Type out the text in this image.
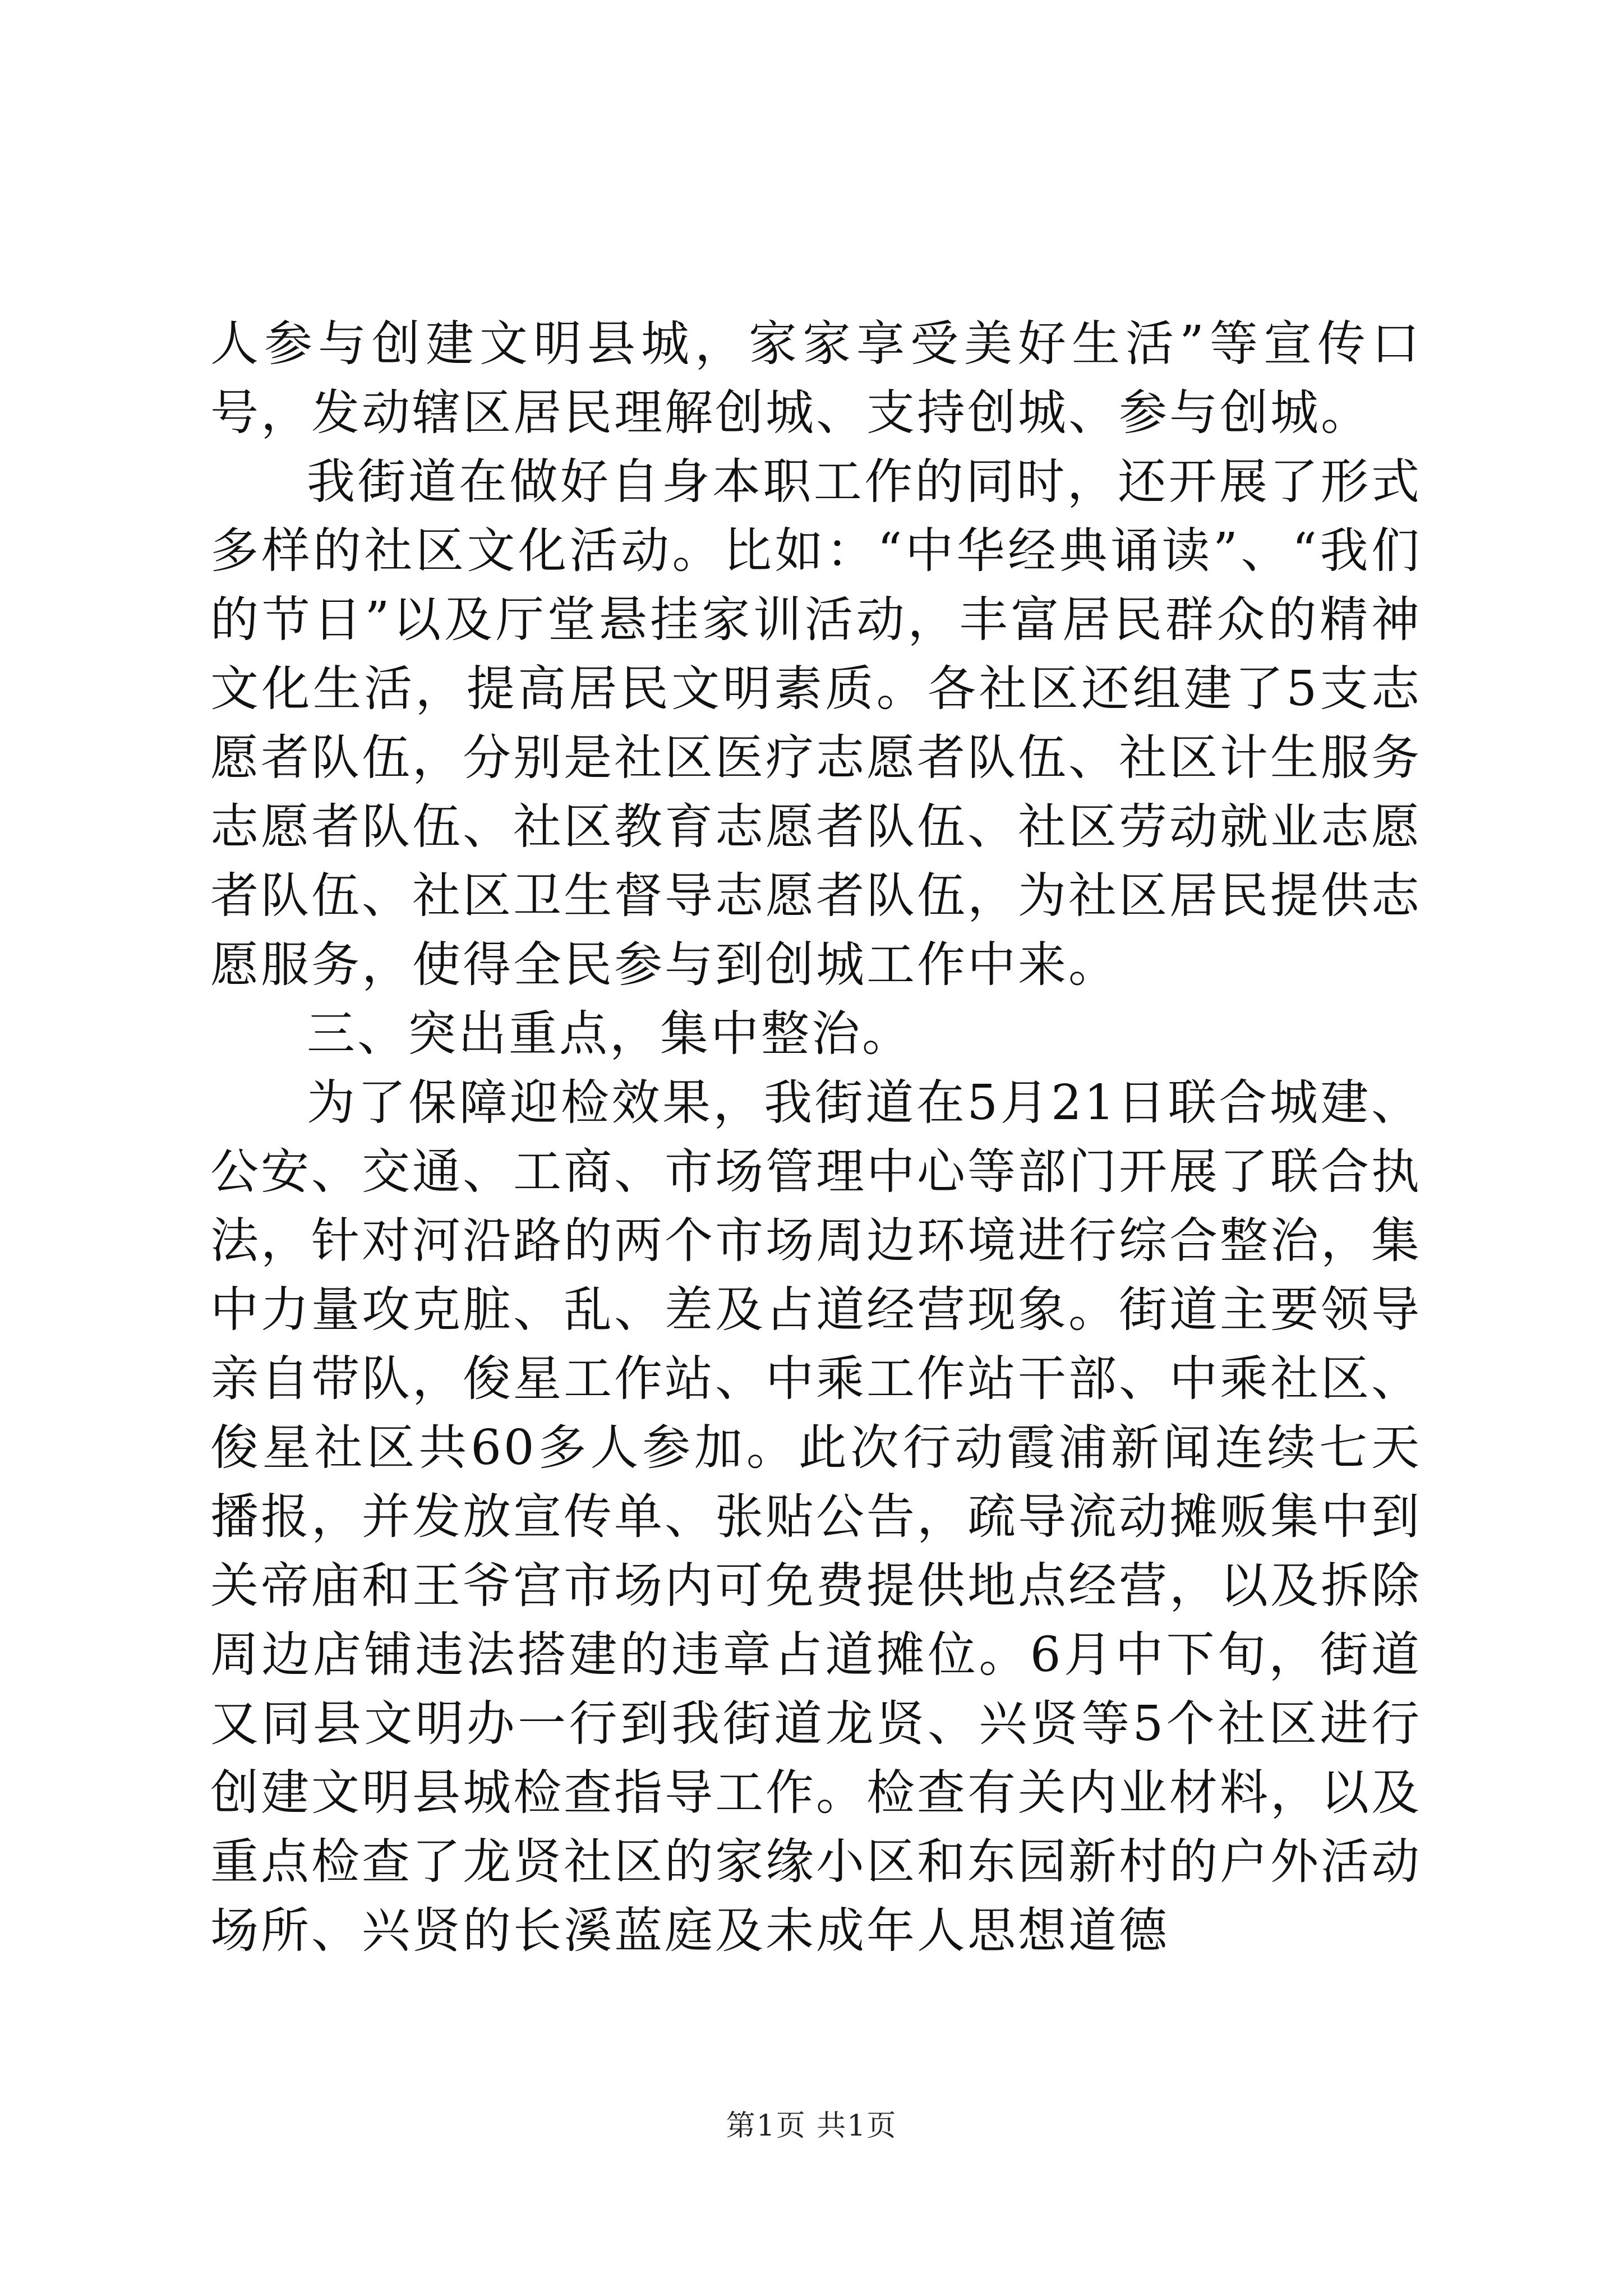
人参与创建文明县城，家家享受美好生活”等宣传口号，发动辖区居民理解创城、支持创城、参与创城。

我街道在做好自身本职工作的同时，还开展了形式多样的社区文化活动。比如：“中华经典诵读”、“我们的节日”以及厅堂悬挂家训活动，丰富居民群众的精神文化生活，提高居民文明素质。各社区还组建了5支志愿者队伍，分别是社区医疗志愿者队伍、社区计生服务志愿者队伍、社区教育志愿者队伍、社区劳动就业志愿者队伍、社区卫生督导志愿者队伍，为社区居民提供志愿服务，使得全民参与到创城工作中来。

三、突出重点，集中整治。

为了保障迎检效果，我街道在5月21日联合城建、公安、交通、工商、市场管理中心等部门开展了联合执法，针对河沿路的两个市场周边环境进行综合整治，集中力量攻克脏、乱、差及占道经营现象。街道主要领导亲自带队，俊星工作站、中乘工作站干部、中乘社区、俊星社区共60多人参加。此次行动霞浦新闻连续七天播报，并发放宣传单、张贴公告，疏导流动摊贩集中到关帝庙和王爷宫市场内可免费提供地点经营，以及拆除周边店铺违法搭建的违章占道摊位。6月中下旬，街道又同县文明办一行到我街道龙贤、兴贤等5个社区进行创建文明县城检查指导工作。检查有关内业材料，以及重点检查了龙贤社区的家缘小区和东园新村的户外活动场所、兴贤的长溪蓝庭及未成年人思想道德

第1页 共1页
